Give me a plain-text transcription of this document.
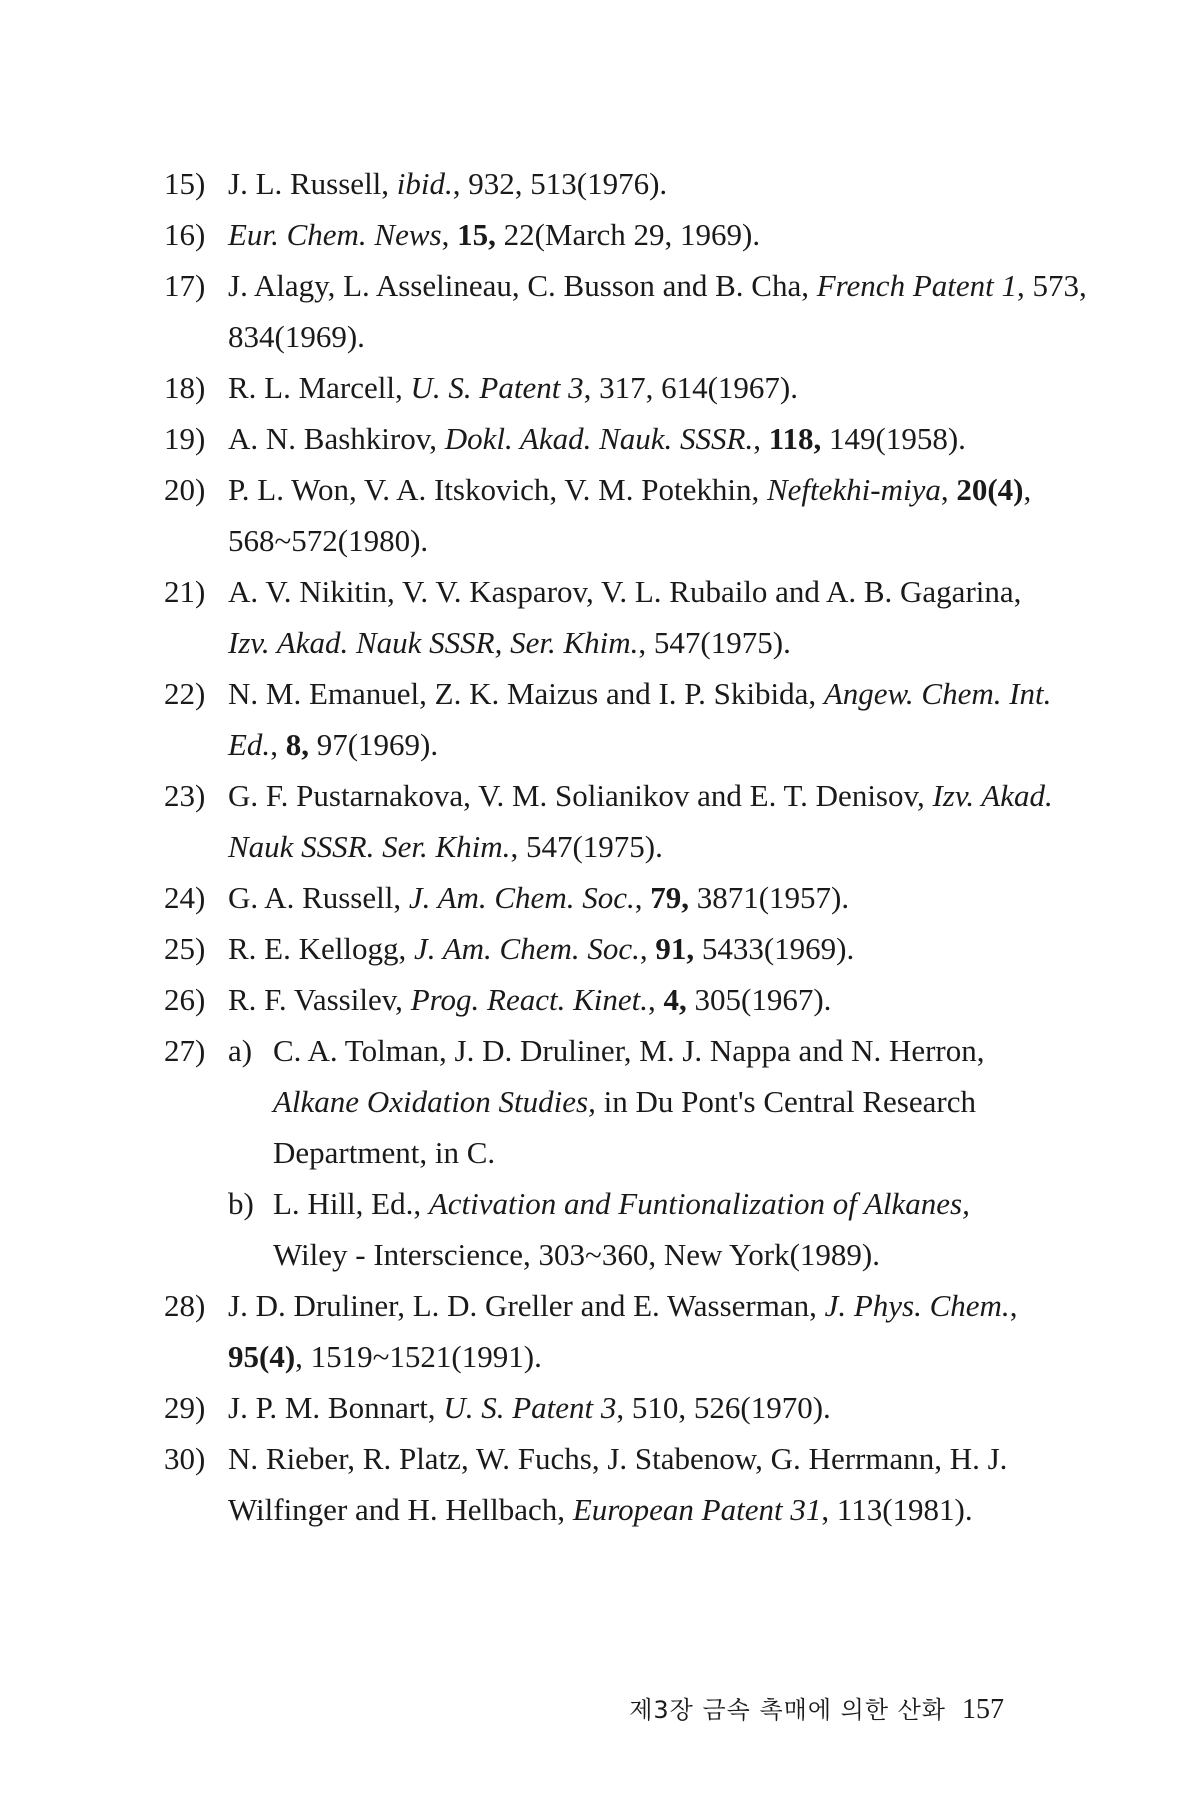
15) J. L. Russell, ibid., 932, 513(1976).
16) Eur. Chem. News, 15, 22(March 29, 1969).
17) J. Alagy, L. Asselineau, C. Busson and B. Cha, French Patent 1, 573,
834(1969).
18) R. L. Marcell, U. S. Patent 3, 317, 614(1967).
19) A. N. Bashkirov, Dokl. Akad. Nauk. SSSR., 118, 149(1958).
20) P. L. Won, V. A. Itskovich, V. M. Potekhin, Neftekhi-miya, 20(4),
568~572(1980).
21) A. V. Nikitin, V. V. Kasparov, V. L. Rubailo and A. B. Gagarina,
Izv. Akad. Nauk SSSR, Ser. Khim., 547(1975).
22) N. M. Emanuel, Z. K. Maizus and I. P. Skibida, Angew. Chem. Int.
Ed., 8, 97(1969).
23) G. F. Pustarnakova, V. M. Solianikov and E. T. Denisov, Izv. Akad.
Nauk SSSR. Ser. Khim., 547(1975).
24) G. A. Russell, J. Am. Chem. Soc., 79, 3871(1957).
25) R. E. Kellogg, J. Am. Chem. Soc., 91, 5433(1969).
26) R. F. Vassilev, Prog. React. Kinet., 4, 305(1967).
27) a) C. A. Tolman, J. D. Druliner, M. J. Nappa and N. Herron,
Alkane Oxidation Studies, in Du Pont's Central Research
Department, in C.
b) L. Hill, Ed., Activation and Funtionalization of Alkanes,
Wiley - Interscience, 303~360, New York(1989).
28) J. D. Druliner, L. D. Greller and E. Wasserman, J. Phys. Chem.,
95(4), 1519~1521(1991).
29) J. P. M. Bonnart, U. S. Patent 3, 510, 526(1970).
30) N. Rieber, R. Platz, W. Fuchs, J. Stabenow, G. Herrmann, H. J.
Wilfinger and H. Hellbach, European Patent 31, 113(1981).
제3장 금속 촉매에 의한 산화 157
